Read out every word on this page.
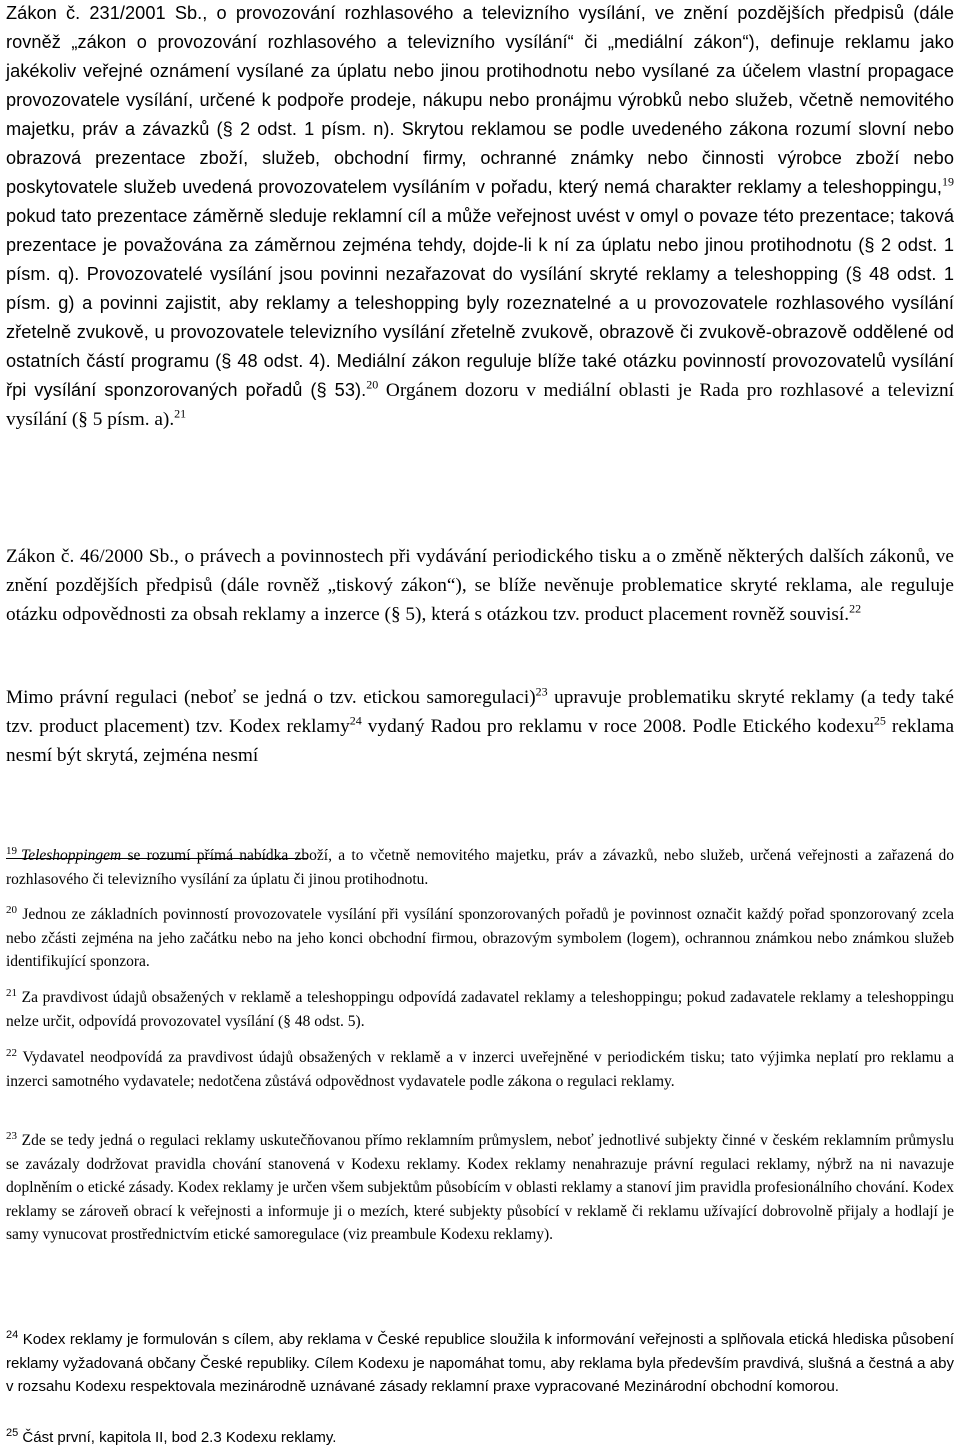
Zákon č. 231/2001 Sb., o provozování rozhlasového a televizního vysílání, ve znění pozdějších předpisů (dále rovněž „zákon o provozování rozhlasového a televizního vysílání“ či „mediální zákon“), definuje reklamu jako jakékoliv veřejné oznámení vysílané za úplatu nebo jinou protihodnotu nebo vysílané za účelem vlastní propagace provozovatele vysílání, určené k podpoře prodeje, nákupu nebo pronájmu výrobků nebo služeb, včetně nemovitého majetku, práv a závazků (§ 2 odst. 1 písm. n). Skrytou reklamou se podle uvedeného zákona rozumí slovní nebo obrazová prezentace zboží, služeb, obchodní firmy, ochranné známky nebo činnosti výrobce zboží nebo poskytovatele služeb uvedená provozovatelem vysíláním v pořadu, který nemá charakter reklamy a teleshoppingu,$^{19}$ pokud tato prezentace záměrně sleduje reklamní cíl a může veřejnost uvést v omyl o povaze této prezentace; taková prezentace je považována za záměrnou zejména tehdy, dojde-li k ní za úplatu nebo jinou protihodnotu (§ 2 odst. 1 písm. q). Provozovatelé vysílání jsou povinni nezařazovat do vysílání skryté reklamy a teleshopping (§ 48 odst. 1 písm. g) a povinni zajistit, aby reklamy a teleshopping byly rozeznatelné a u provozovatele rozhlasového vysílání zřetelně zvukově, u provozovatele televizního vysílání zřetelně zvukově, obrazově či zvukově-obrazově oddělené od ostatních částí programu (§ 48 odst. 4). Mediální zákon reguluje blíže také otázku povinností provozovatelů vysílání řpi vysílání sponzorovaných pořadů (§ 53).$^{20}$ Orgánem dozoru v mediální oblasti je Rada pro rozhlasové a televizní vysílání (§ 5 písm. a).$^{21}$

Zákon č. 46/2000 Sb., o právech a povinnostech při vydávání periodického tisku a o změně některých dalších zákonů, ve znění pozdějších předpisů (dále rovněž „tiskový zákon“), se blíže nevěnuje problematice skryté reklama, ale reguluje otázku odpovědnosti za obsah reklamy a inzerce (§ 5), která s otázkou tzv. product placement rovněž souvisí.$^{22}$

Mimo právní regulaci (neboť se jedná o tzv. etickou samoregulaci)$^{23}$ upravuje problematiku skryté reklamy (a tedy také tzv. product placement) tzv. Kodex reklamy$^{24}$ vydaný Radou pro reklamu v roce 2008. Podle Etického kodexu$^{25}$ reklama nesmí být skrytá, zejména nesmí

$^{19}$ Teleshoppingem se rozumí přímá nabídka zboží, a to včetně nemovitého majetku, práv a závazků, nebo služeb, určená veřejnosti a zařazená do rozhlasového či televizního vysílání za úplatu či jinou protihodnotu.

$^{20}$ Jednou ze základních povinností provozovatele vysílání při vysílání sponzorovaných pořadů je povinnost označit každý pořad sponzorovaný zcela nebo zčásti zejména na jeho začátku nebo na jeho konci obchodní firmou, obrazovým symbolem (logem), ochrannou známkou nebo známkou služeb identifikující sponzora.

$^{21}$ Za pravdivost údajů obsažených v reklamě a teleshoppingu odpovídá zadavatel reklamy a teleshoppingu; pokud zadavatele reklamy a teleshoppingu nelze určit, odpovídá provozovatel vysílání (§ 48 odst. 5).

$^{22}$ Vydavatel neodpovídá za pravdivost údajů obsažených v reklamě a v inzerci uveřejněné v periodickém tisku; tato výjimka neplatí pro reklamu a inzerci samotného vydavatele; nedotčena zůstává odpovědnost vydavatele podle zákona o regulaci reklamy.

$^{23}$ Zde se tedy jedná o regulaci reklamy uskutečňovanou přímo reklamním průmyslem, neboť jednotlivé subjekty činné v českém reklamním průmyslu se zavázaly dodržovat pravidla chování stanovená v Kodexu reklamy. Kodex reklamy nenahrazuje právní regulaci reklamy, nýbrž na ni navazuje doplněním o etické zásady. Kodex reklamy je určen všem subjektům působícím v oblasti reklamy a stanoví jim pravidla profesionálního chování. Kodex reklamy se zároveň obrací k veřejnosti a informuje ji o mezích, které subjekty působící v reklamě či reklamu užívající dobrovolně přijaly a hodlají je samy vynucovat prostřednictvím etické samoregulace (viz preambule Kodexu reklamy).

$^{24}$ Kodex reklamy je formulován s cílem, aby reklama v České republice sloužila k informování veřejnosti a splňovala etická hlediska působení reklamy vyžadovaná občany České republiky. Cílem Kodexu je napomáhat tomu, aby reklama byla především pravdivá, slušná a čestná a aby v rozsahu Kodexu respektovala mezinárodně uznávané zásady reklamní praxe vypracované Mezinárodní obchodní komorou.

$^{25}$ Část první, kapitola II, bod 2.3 Kodexu reklamy.
